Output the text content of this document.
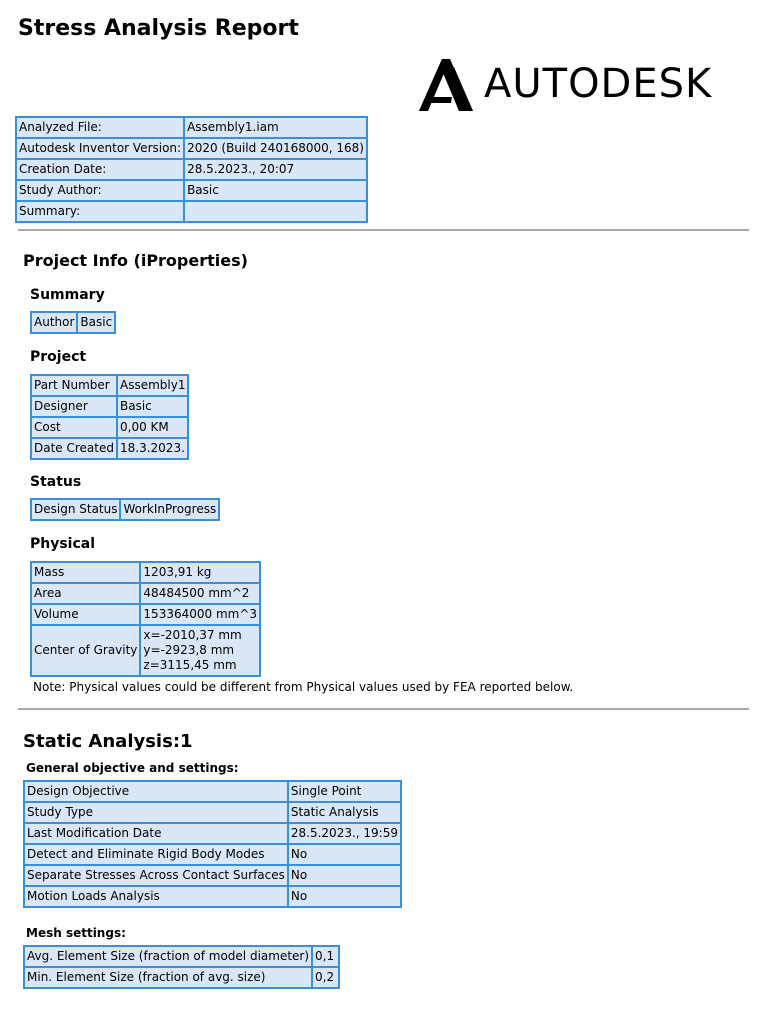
Stress Analysis Report
AUTODESK
Analyzed File:	Assembly1.iam
Autodesk Inventor Version:	2020 (Build 240168000, 168)
Creation Date:	28.5.2023., 20:07
Study Author:	Basic
Summary:	
Project Info (iProperties)
Summary
Author	Basic
Project
Part Number	Assembly1
Designer	Basic
Cost	0,00 KM
Date Created	18.3.2023.
Status
Design Status	WorkInProgress
Physical
Mass	1203,91 kg
Area	48484500 mm^2
Volume	153364000 mm^3
Center of Gravity	x=-2010,37 mm
y=-2923,8 mm
z=3115,45 mm
Note: Physical values could be different from Physical values used by FEA reported below.
Static Analysis:1
General objective and settings:
Design Objective	Single Point
Study Type	Static Analysis
Last Modification Date	28.5.2023., 19:59
Detect and Eliminate Rigid Body Modes	No
Separate Stresses Across Contact Surfaces	No
Motion Loads Analysis	No
Mesh settings:
Avg. Element Size (fraction of model diameter)	0,1
Min. Element Size (fraction of avg. size)	0,2
